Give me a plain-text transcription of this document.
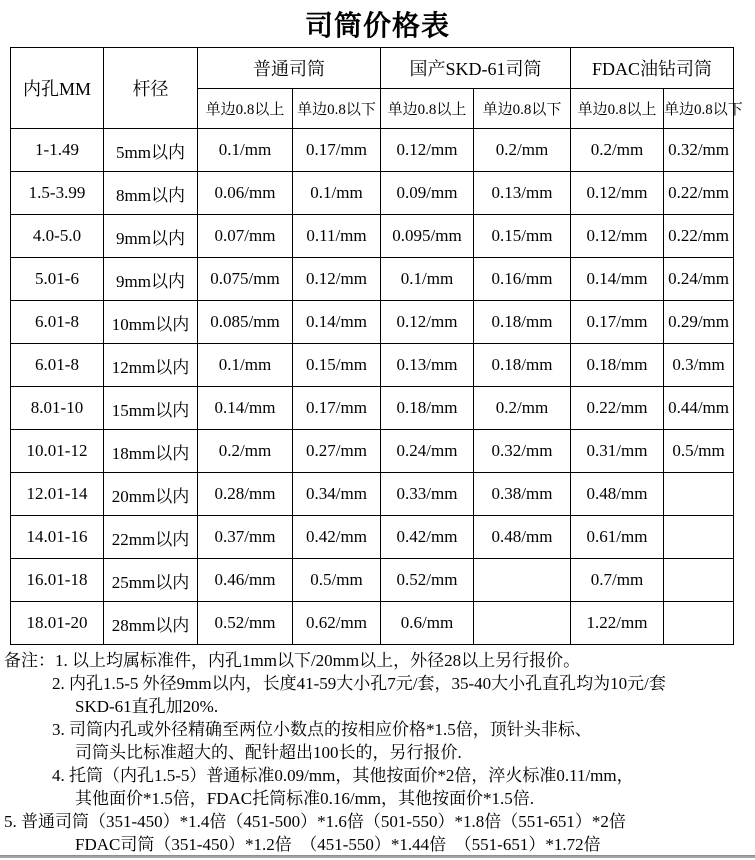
司筒价格表
内孔MM	杆径	普通司筒		国产SKD-61司筒		FDAC油钻司筒	
		单边0.8以上	单边0.8以下	单边0.8以上	单边0.8以下	单边0.8以上	单边0.8以下
1-1.49	5mm以内	0.1/mm	0.17/mm	0.12/mm	0.2/mm	0.2/mm	0.32/mm
1.5-3.99	8mm以内	0.06/mm	0.1/mm	0.09/mm	0.13/mm	0.12/mm	0.22/mm
4.0-5.0	9mm以内	0.07/mm	0.11/mm	0.095/mm	0.15/mm	0.12/mm	0.22/mm
5.01-6	9mm以内	0.075/mm	0.12/mm	0.1/mm	0.16/mm	0.14/mm	0.24/mm
6.01-8	10mm以内	0.085/mm	0.14/mm	0.12/mm	0.18/mm	0.17/mm	0.29/mm
6.01-8	12mm以内	0.1/mm	0.15/mm	0.13/mm	0.18/mm	0.18/mm	0.3/mm
8.01-10	15mm以内	0.14/mm	0.17/mm	0.18/mm	0.2/mm	0.22/mm	0.44/mm
10.01-12	18mm以内	0.2/mm	0.27/mm	0.24/mm	0.32/mm	0.31/mm	0.5/mm
12.01-14	20mm以内	0.28/mm	0.34/mm	0.33/mm	0.38/mm	0.48/mm	
14.01-16	22mm以内	0.37/mm	0.42/mm	0.42/mm	0.48/mm	0.61/mm	
16.01-18	25mm以内	0.46/mm	0.5/mm	0.52/mm		0.7/mm	
18.01-20	28mm以内	0.52/mm	0.62/mm	0.6/mm		1.22/mm	
备注：1. 以上均属标准件，内孔1mm以下/20mm以上，外径28以上另行报价。
2. 内孔1.5-5 外径9mm以内，长度41-59大小孔7元/套，35-40大小孔直孔均为10元/套
SKD-61直孔加20%.
3. 司筒内孔或外径精确至两位小数点的按相应价格*1.5倍，顶针头非标、
司筒头比标准超大的、配针超出100长的，另行报价.
4. 托筒（内孔1.5-5）普通标准0.09/mm，其他按面价*2倍，淬火标准0.11/mm，
其他面价*1.5倍，FDAC托筒标准0.16/mm，其他按面价*1.5倍.
5. 普通司筒（351-450）*1.4倍（451-500）*1.6倍（501-550）*1.8倍（551-651）*2倍
FDAC司筒（351-450）*1.2倍  （451-550）*1.44倍  （551-651）*1.72倍
